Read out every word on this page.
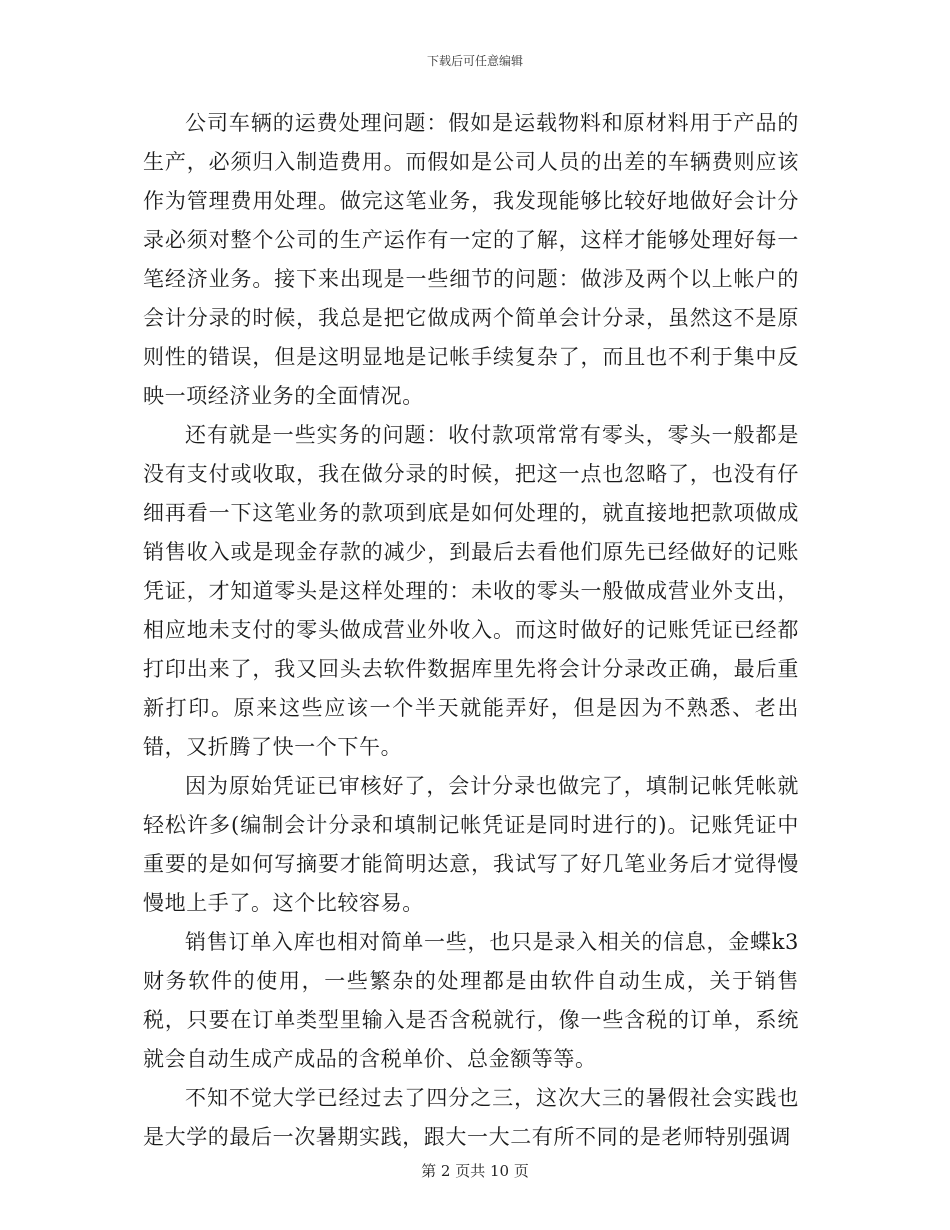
下载后可任意编辑

公司车辆的运费处理问题：假如是运载物料和原材料用于产品的生产，必须归入制造费用。而假如是公司人员的出差的车辆费则应该作为管理费用处理。做完这笔业务，我发现能够比较好地做好会计分录必须对整个公司的生产运作有一定的了解，这样才能够处理好每一笔经济业务。接下来出现是一些细节的问题：做涉及两个以上帐户的会计分录的时候，我总是把它做成两个简单会计分录，虽然这不是原则性的错误，但是这明显地是记帐手续复杂了，而且也不利于集中反映一项经济业务的全面情况。

还有就是一些实务的问题：收付款项常常有零头，零头一般都是没有支付或收取，我在做分录的时候，把这一点也忽略了，也没有仔细再看一下这笔业务的款项到底是如何处理的，就直接地把款项做成销售收入或是现金存款的减少，到最后去看他们原先已经做好的记账凭证，才知道零头是这样处理的：未收的零头一般做成营业外支出，相应地未支付的零头做成营业外收入。而这时做好的记账凭证已经都打印出来了，我又回头去软件数据库里先将会计分录改正确，最后重新打印。原来这些应该一个半天就能弄好，但是因为不熟悉、老出错，又折腾了快一个下午。

因为原始凭证已审核好了，会计分录也做完了，填制记帐凭帐就轻松许多(编制会计分录和填制记帐凭证是同时进行的)。记账凭证中重要的是如何写摘要才能简明达意，我试写了好几笔业务后才觉得慢慢地上手了。这个比较容易。

销售订单入库也相对简单一些，也只是录入相关的信息，金蝶k3财务软件的使用，一些繁杂的处理都是由软件自动生成，关于销售税，只要在订单类型里输入是否含税就行，像一些含税的订单，系统就会自动生成产成品的含税单价、总金额等等。

不知不觉大学已经过去了四分之三，这次大三的暑假社会实践也是大学的最后一次暑期实践，跟大一大二有所不同的是老师特别强调

第 2 页共 10 页
